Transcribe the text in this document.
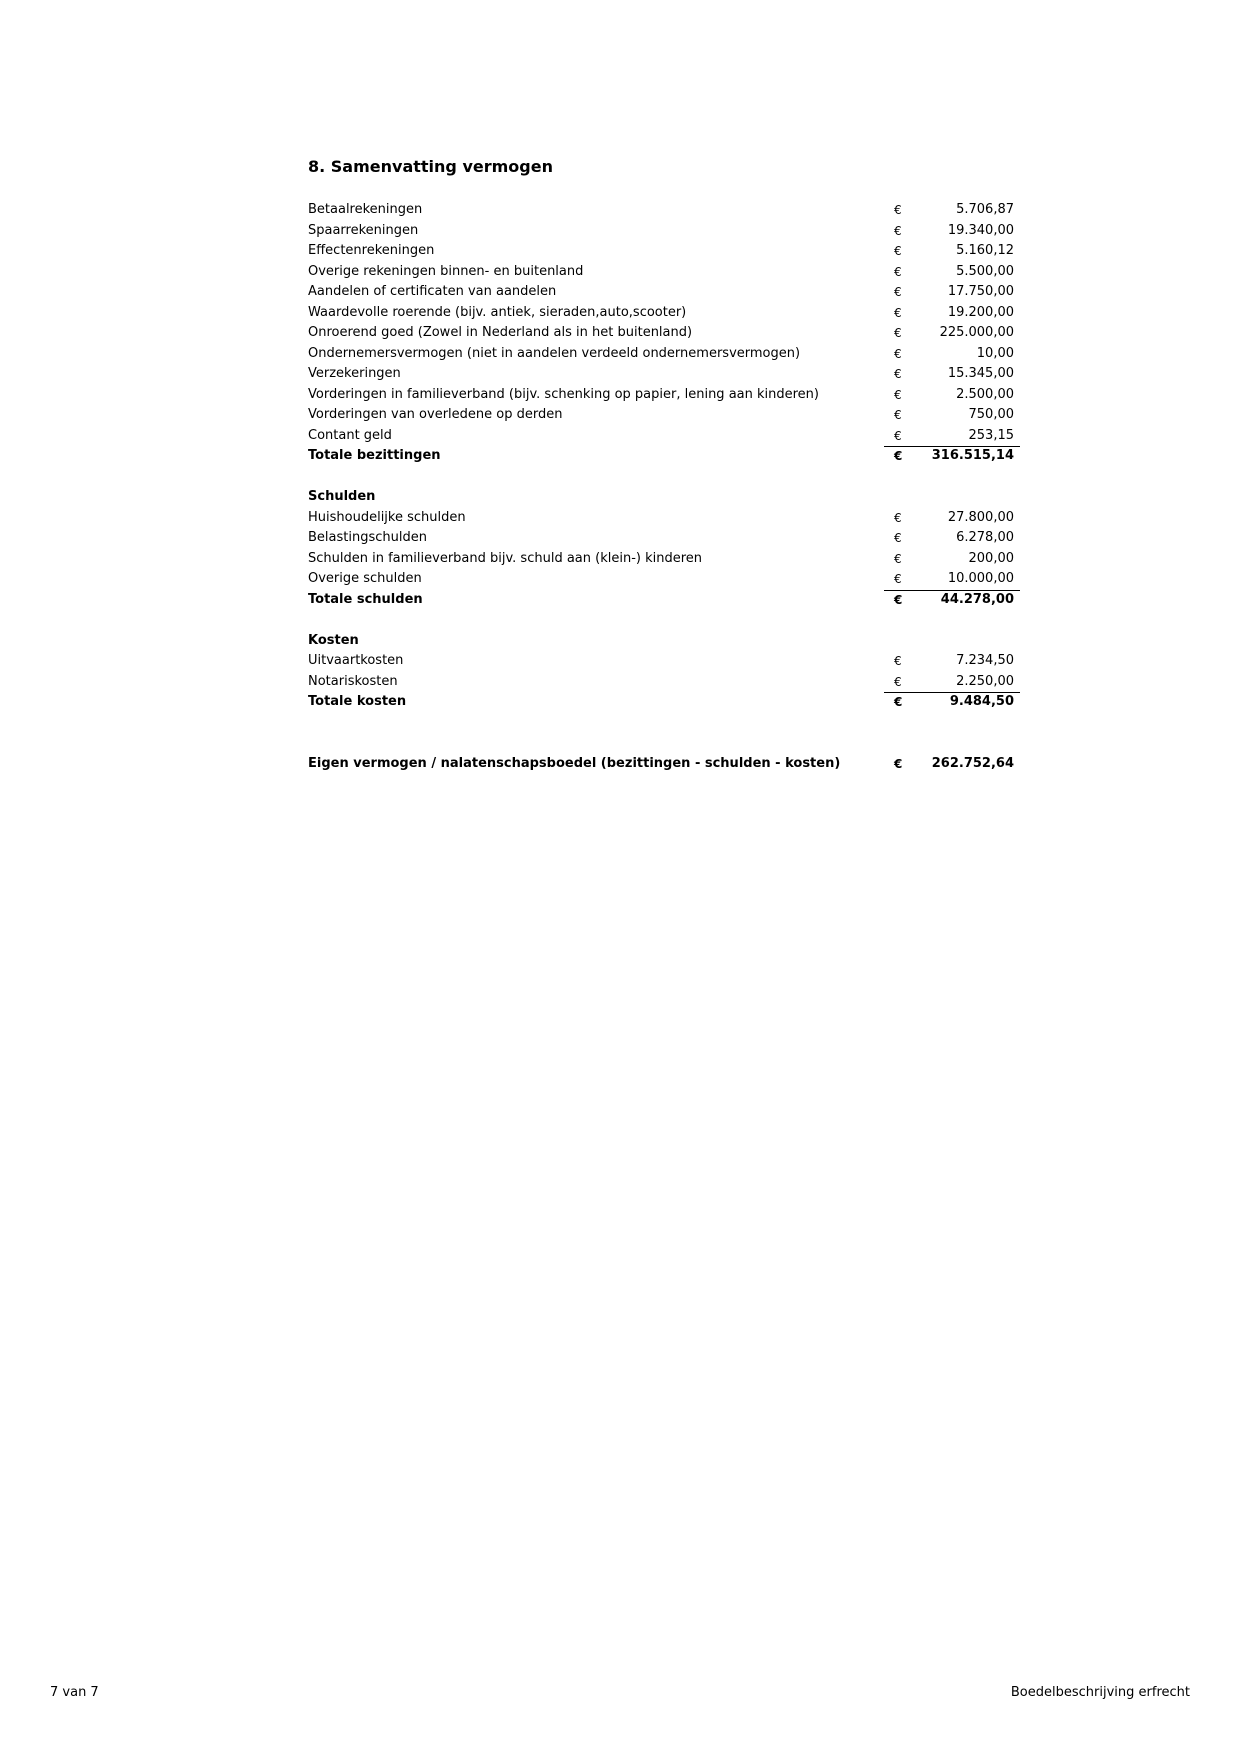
8. Samenvatting vermogen
Betaalrekeningen	€	5.706,87
Spaarrekeningen	€	19.340,00
Effectenrekeningen	€	5.160,12
Overige rekeningen binnen- en buitenland	€	5.500,00
Aandelen of certificaten van aandelen	€	17.750,00
Waardevolle roerende (bijv. antiek, sieraden,auto,scooter)	€	19.200,00
Onroerend goed (Zowel in Nederland als in het buitenland)	€	225.000,00
Ondernemersvermogen (niet in aandelen verdeeld ondernemersvermogen)	€	10,00
Verzekeringen	€	15.345,00
Vorderingen in familieverband (bijv. schenking op papier, lening aan kinderen)	€	2.500,00
Vorderingen van overledene op derden	€	750,00
Contant geld	€	253,15
Totale bezittingen	€ 316.515,14
Schulden
Huishoudelijke schulden	€	27.800,00
Belastingschulden	€	6.278,00
Schulden in familieverband bijv. schuld aan (klein-) kinderen	€	200,00
Overige schulden	€	10.000,00
Totale schulden	€	44.278,00
Kosten
Uitvaartkosten	€	7.234,50
Notariskosten	€	2.250,00
Totale kosten	€	9.484,50
Eigen vermogen / nalatenschapsboedel (bezittingen - schulden - kosten)	€ 262.752,64
7 van 7	Boedelbeschrijving erfrecht
